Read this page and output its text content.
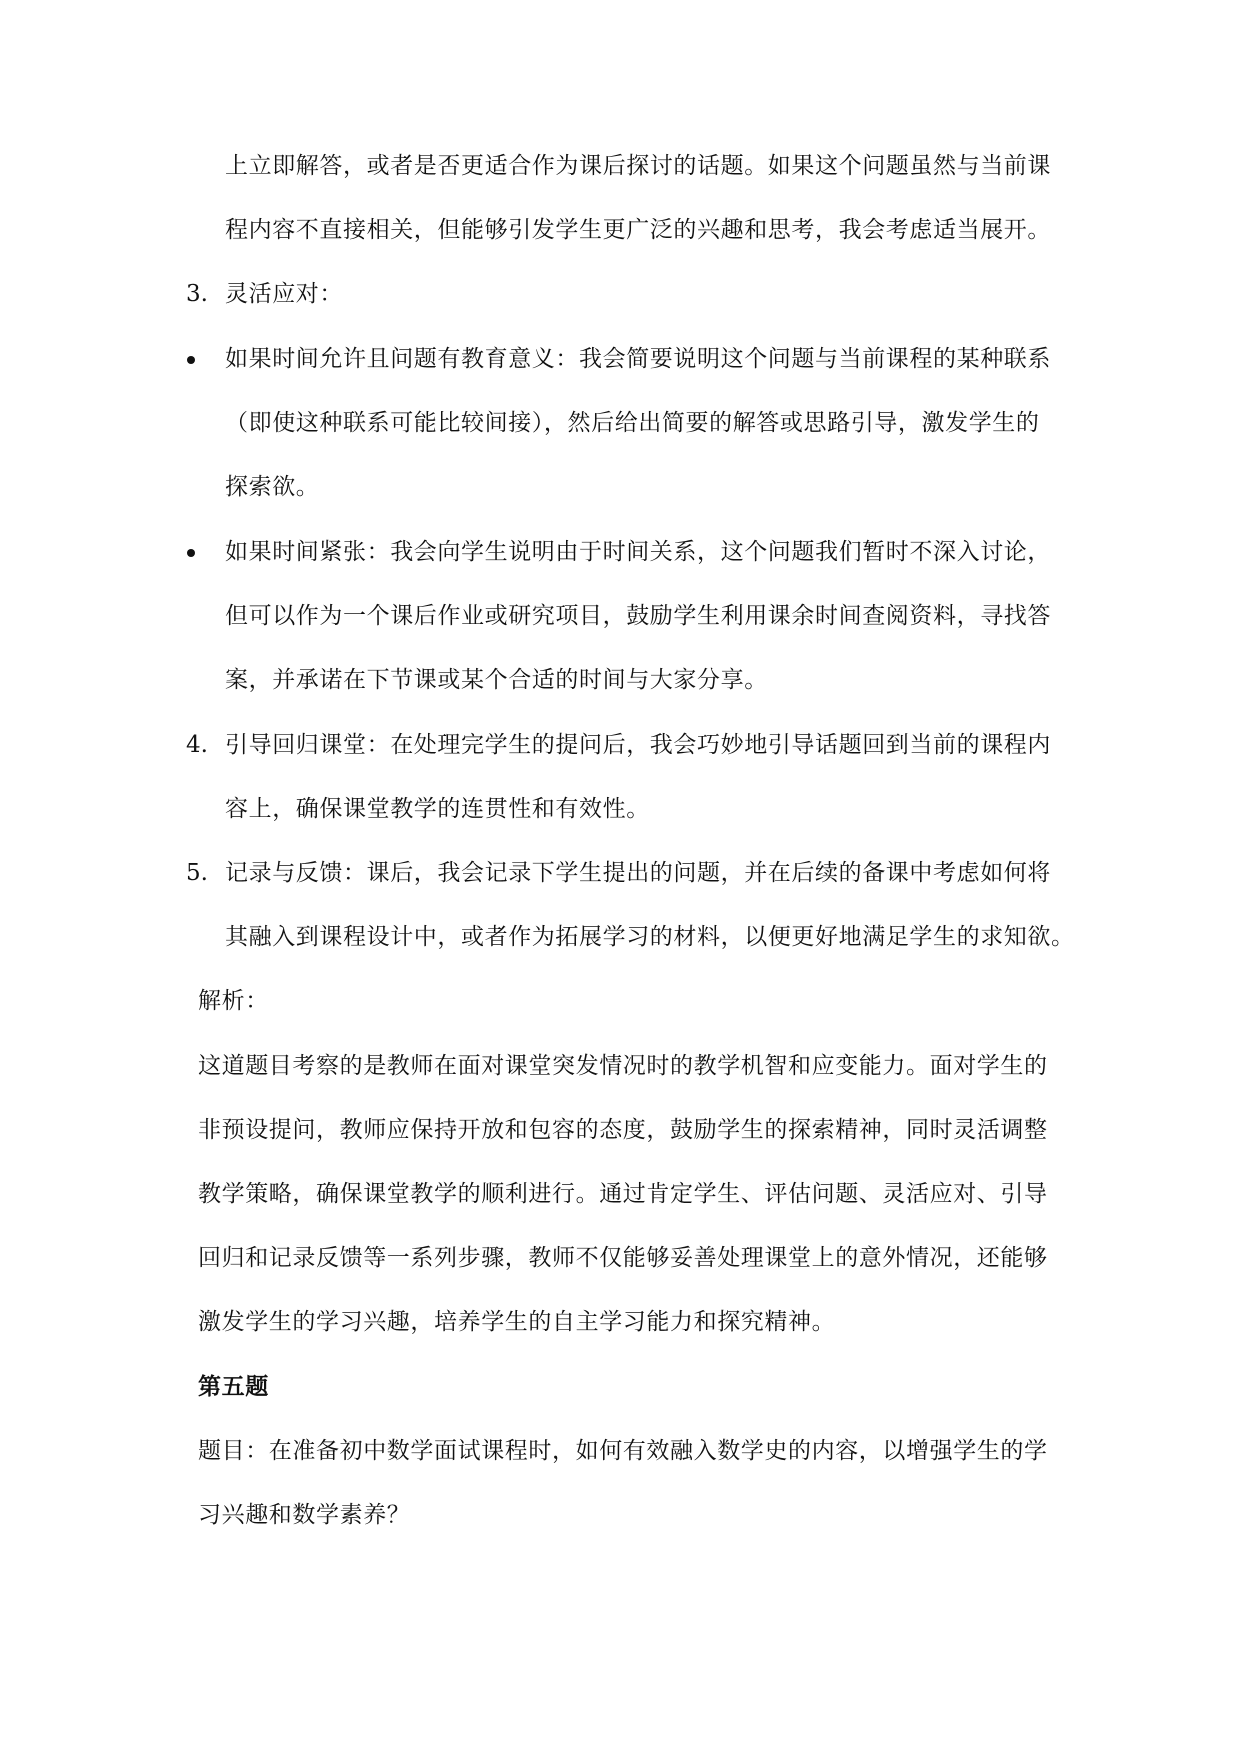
上立即解答，或者是否更适合作为课后探讨的话题。如果这个问题虽然与当前课
程内容不直接相关，但能够引发学生更广泛的兴趣和思考，我会考虑适当展开。
3. 灵活应对：
如果时间允许且问题有教育意义：我会简要说明这个问题与当前课程的某种联系
（即使这种联系可能比较间接），然后给出简要的解答或思路引导，激发学生的
探索欲。
如果时间紧张：我会向学生说明由于时间关系，这个问题我们暂时不深入讨论，
但可以作为一个课后作业或研究项目，鼓励学生利用课余时间查阅资料，寻找答
案，并承诺在下节课或某个合适的时间与大家分享。
4. 引导回归课堂：在处理完学生的提问后，我会巧妙地引导话题回到当前的课程内
容上，确保课堂教学的连贯性和有效性。
5. 记录与反馈：课后，我会记录下学生提出的问题，并在后续的备课中考虑如何将
其融入到课程设计中，或者作为拓展学习的材料，以便更好地满足学生的求知欲。
解析：
这道题目考察的是教师在面对课堂突发情况时的教学机智和应变能力。面对学生的
非预设提问，教师应保持开放和包容的态度，鼓励学生的探索精神，同时灵活调整
教学策略，确保课堂教学的顺利进行。通过肯定学生、评估问题、灵活应对、引导
回归和记录反馈等一系列步骤，教师不仅能够妥善处理课堂上的意外情况，还能够
激发学生的学习兴趣，培养学生的自主学习能力和探究精神。
第五题
题目：在准备初中数学面试课程时，如何有效融入数学史的内容，以增强学生的学
习兴趣和数学素养？
